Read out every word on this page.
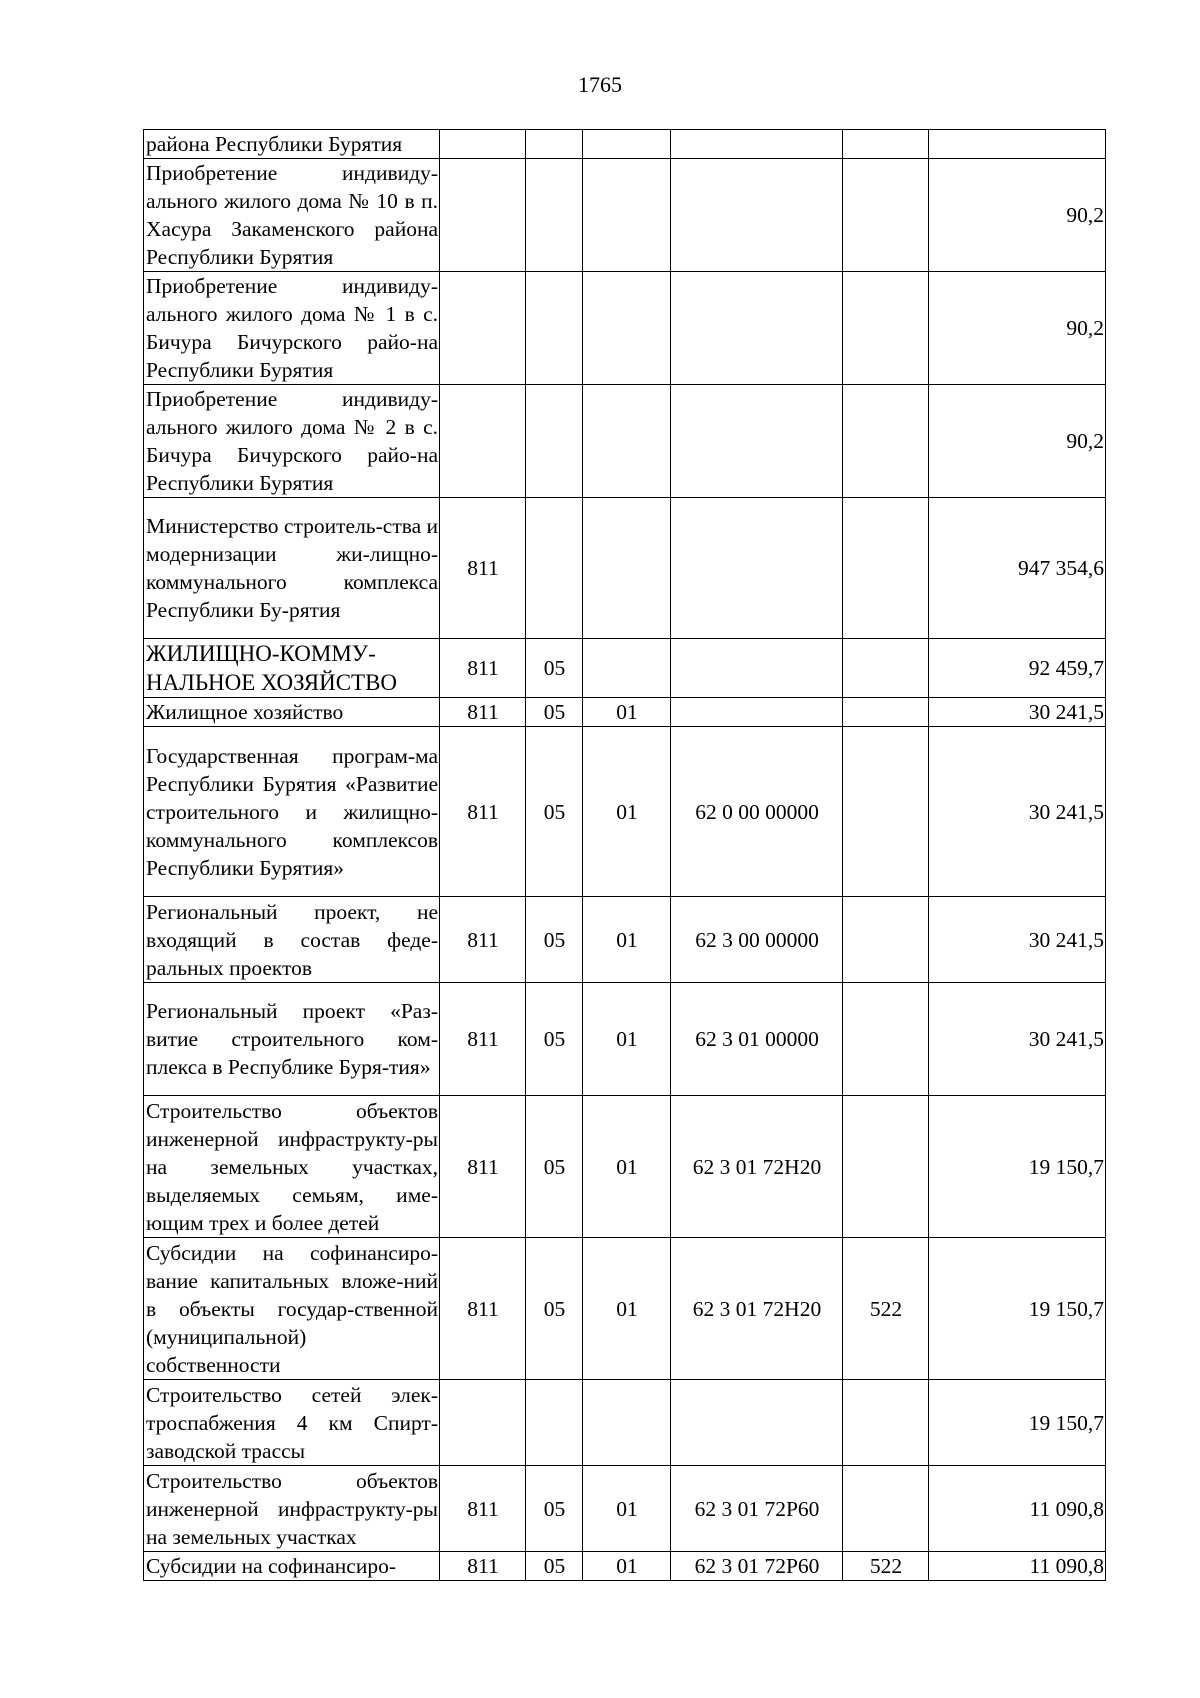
1765
района Республики Бурятия						
Приобретение индивиду-ального жилого дома № 10 в п. Хасура Закаменского района Республики Бурятия						90,2
Приобретение индивиду-ального жилого дома № 1 в с. Бичура Бичурского райо-на Республики Бурятия						90,2
Приобретение индивиду-ального жилого дома № 2 в с. Бичура Бичурского райо-на Республики Бурятия						90,2
Министерство строитель-ства и модернизации жи-лищно-коммунального комплекса Республики Бу-рятия	811					947 354,6
ЖИЛИЩНО-КОММУ-НАЛЬНОЕ ХОЗЯЙСТВО	811	05				92 459,7
Жилищное хозяйство	811	05	01			30 241,5
Государственная програм-ма Республики Бурятия «Развитие строительного и жилищно-коммунального комплексов Республики Бурятия»	811	05	01	62 0 00 00000		30 241,5
Региональный проект, не входящий в состав феде-ральных проектов	811	05	01	62 3 00 00000		30 241,5
Региональный проект «Раз-витие строительного ком-плекса в Республике Буря-тия»	811	05	01	62 3 01 00000		30 241,5
Строительство объектов инженерной инфраструкту-ры на земельных участках, выделяемых семьям, име-ющим трех и более детей	811	05	01	62 3 01 72H20		19 150,7
Субсидии на софинансиро-вание капитальных вложе-ний в объекты государ-ственной (муниципальной) собственности	811	05	01	62 3 01 72H20	522	19 150,7
Строительство сетей элек-троспабжения 4 км Спирт-заводской трассы						19 150,7
Строительство объектов инженерной инфраструкту-ры на земельных участках	811	05	01	62 3 01 72P60		11 090,8
Субсидии на софинансиро-	811	05	01	62 3 01 72P60	522	11 090,8
